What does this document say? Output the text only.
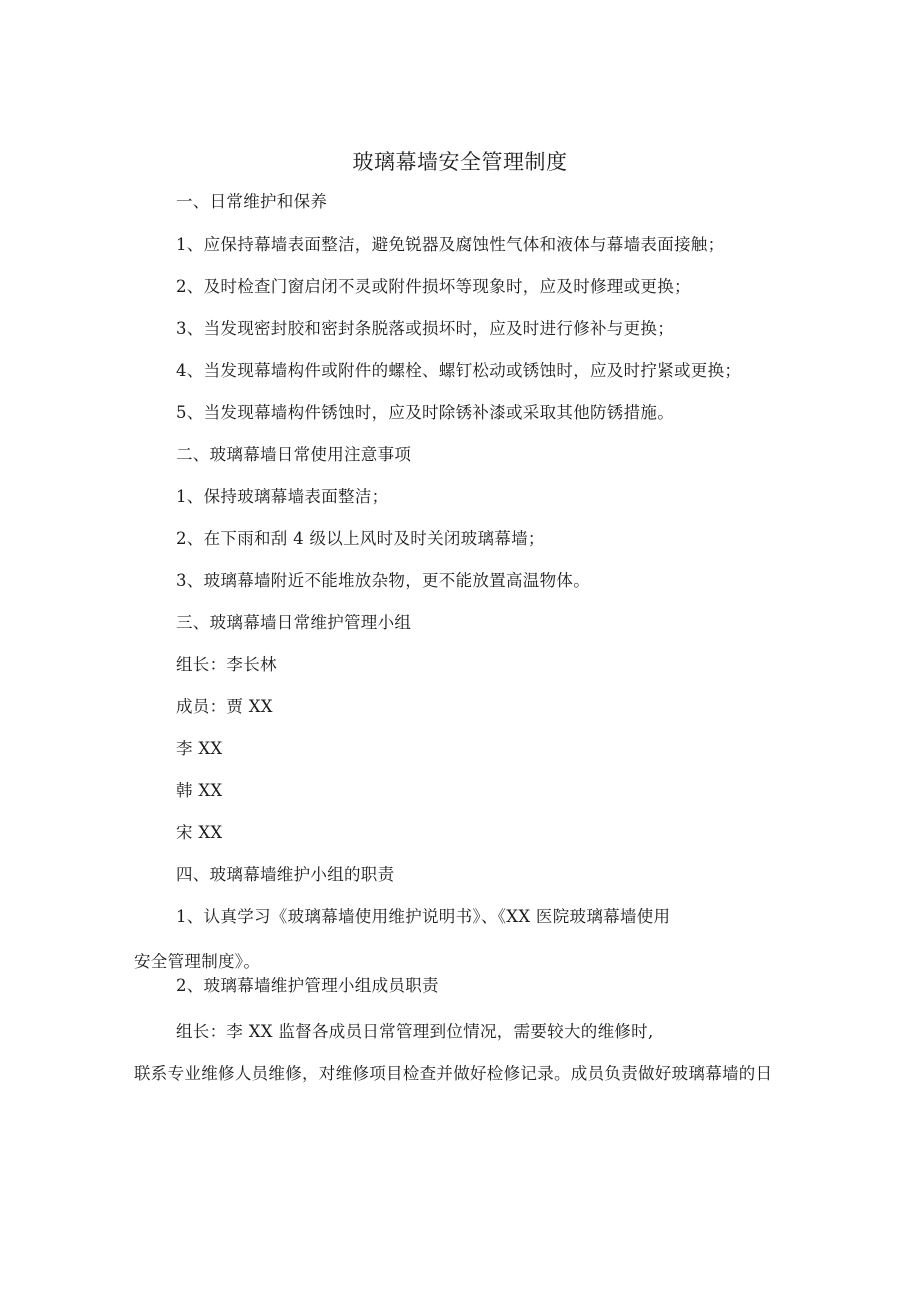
玻璃幕墙安全管理制度
一、日常维护和保养
1、应保持幕墙表面整洁，避免锐器及腐蚀性气体和液体与幕墙表面接触；
2、及时检查门窗启闭不灵或附件损坏等现象时，应及时修理或更换；
3、当发现密封胶和密封条脱落或损坏时，应及时进行修补与更换；
4、当发现幕墙构件或附件的螺栓、螺钉松动或锈蚀时，应及时拧紧或更换；
5、当发现幕墙构件锈蚀时，应及时除锈补漆或采取其他防锈措施。
二、玻璃幕墙日常使用注意事项
1、保持玻璃幕墙表面整洁；
2、在下雨和刮 4 级以上风时及时关闭玻璃幕墙；
3、玻璃幕墙附近不能堆放杂物，更不能放置高温物体。
三、玻璃幕墙日常维护管理小组
组长：李长林
成员：贾 XX
李 XX
韩 XX
宋 XX
四、玻璃幕墙维护小组的职责
1、认真学习《玻璃幕墙使用维护说明书》、《XX 医院玻璃幕墙使用
安全管理制度》。
2、玻璃幕墙维护管理小组成员职责
组长：李 XX 监督各成员日常管理到位情况，需要较大的维修时,
联系专业维修人员维修，对维修项目检查并做好检修记录。成员负责做好玻璃幕墙的日
